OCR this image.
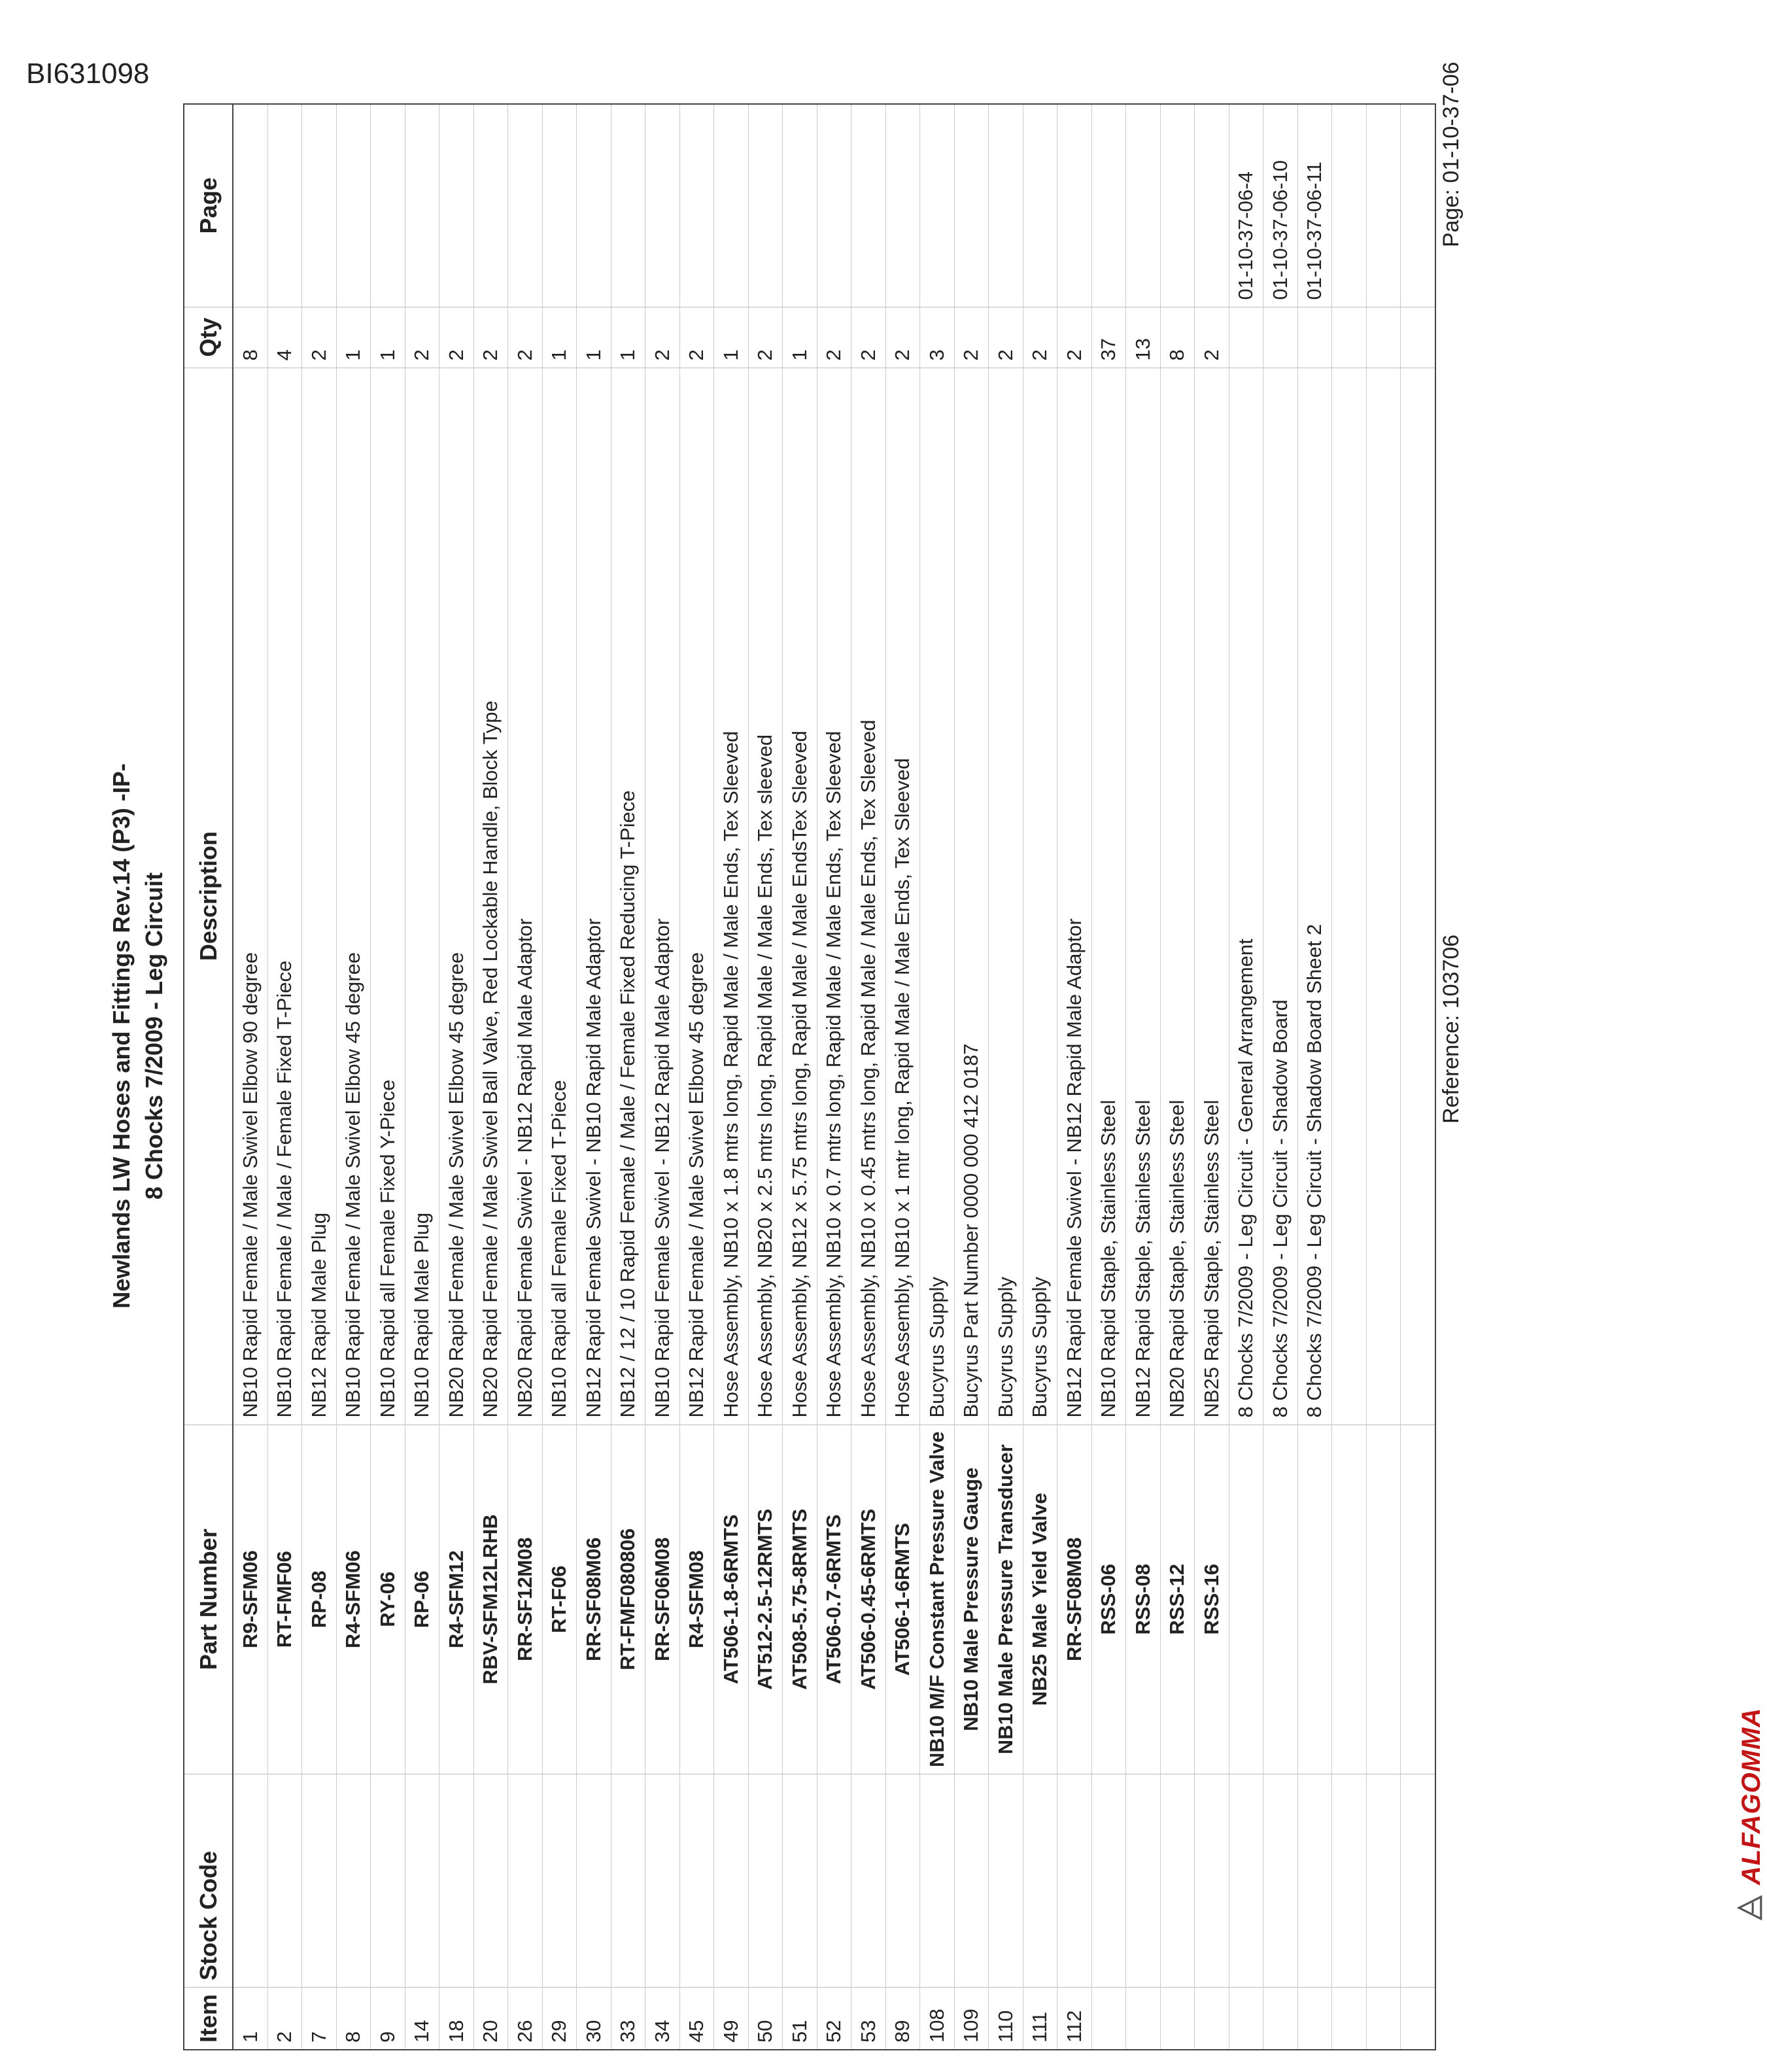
Newlands LW Hoses and Fittings Rev.14 (P3) -IP- 8 Chocks 7/2009 - Leg Circuit
BI631098
Item	Stock Code	Part Number	Description	Qty	Page
1		R9-SFM06	NB10 Rapid Female / Male Swivel Elbow 90 degree	8	
2		RT-FMF06	NB10 Rapid Female / Male / Female Fixed T-Piece	4	
7		RP-08	NB12 Rapid Male Plug	2	
8		R4-SFM06	NB10 Rapid Female / Male Swivel Elbow 45 degree	1	
9		RY-06	NB10 Rapid all Female Fixed Y-Piece	1	
14		RP-06	NB10 Rapid Male Plug	2	
18		R4-SFM12	NB20 Rapid Female / Male Swivel Elbow 45 degree	2	
20		RBV-SFM12LRHB	NB20 Rapid Female / Male Swivel Ball Valve, Red Lockable Handle, Block Type	2	
26		RR-SF12M08	NB20 Rapid Female Swivel - NB12 Rapid Male Adaptor	2	
29		RT-F06	NB10 Rapid all Female Fixed T-Piece	1	
30		RR-SF08M06	NB12 Rapid Female Swivel - NB10 Rapid Male Adaptor	1	
33		RT-FMF080806	NB12 / 12 / 10 Rapid Female / Male / Female Fixed Reducing T-Piece	1	
34		RR-SF06M08	NB10 Rapid Female Swivel - NB12 Rapid Male Adaptor	2	
45		R4-SFM08	NB12 Rapid Female / Male Swivel Elbow 45 degree	2	
49		AT506-1.8-6RMTS	Hose Assembly, NB10 x 1.8 mtrs long, Rapid Male / Male Ends, Tex Sleeved	1	
50		AT512-2.5-12RMTS	Hose Assembly, NB20 x 2.5 mtrs long, Rapid Male / Male Ends, Tex sleeved	2	
51		AT508-5.75-8RMTS	Hose Assembly, NB12 x 5.75 mtrs long, Rapid Male / Male EndsTex Sleeved	1	
52		AT506-0.7-6RMTS	Hose Assembly, NB10 x 0.7 mtrs long, Rapid Male / Male Ends, Tex Sleeved	2	
53		AT506-0.45-6RMTS	Hose Assembly, NB10 x 0.45 mtrs long, Rapid Male / Male Ends, Tex Sleeved	2	
89		AT506-1-6RMTS	Hose Assembly, NB10 x 1 mtr long, Rapid Male / Male Ends, Tex Sleeved	2	
108		NB10 M/F Constant Pressure Valve	Bucyrus Supply	3	
109		NB10 Male Pressure Gauge	Bucyrus Part Number 0000 000 412 0187	2	
110		NB10 Male Pressure Transducer	Bucyrus Supply	2	
111		NB25 Male Yield Valve	Bucyrus Supply	2	
112		RR-SF08M08	NB12 Rapid Female Swivel - NB12 Rapid Male Adaptor	2	
		RSS-06	NB10 Rapid Staple, Stainless Steel	37	
		RSS-08	NB12 Rapid Staple, Stainless Steel	13	
		RSS-12	NB20 Rapid Staple, Stainless Steel	8	
		RSS-16	NB25 Rapid Staple, Stainless Steel	2	
			8 Chocks 7/2009 - Leg Circuit - General Arrangement		01-10-37-06-4
			8 Chocks 7/2009 - Leg Circuit - Shadow Board		01-10-37-06-10
			8 Chocks 7/2009 - Leg Circuit - Shadow Board Sheet 2		01-10-37-06-11

ALFAGOMMA
Reference: 103706
Page: 01-10-37-06
